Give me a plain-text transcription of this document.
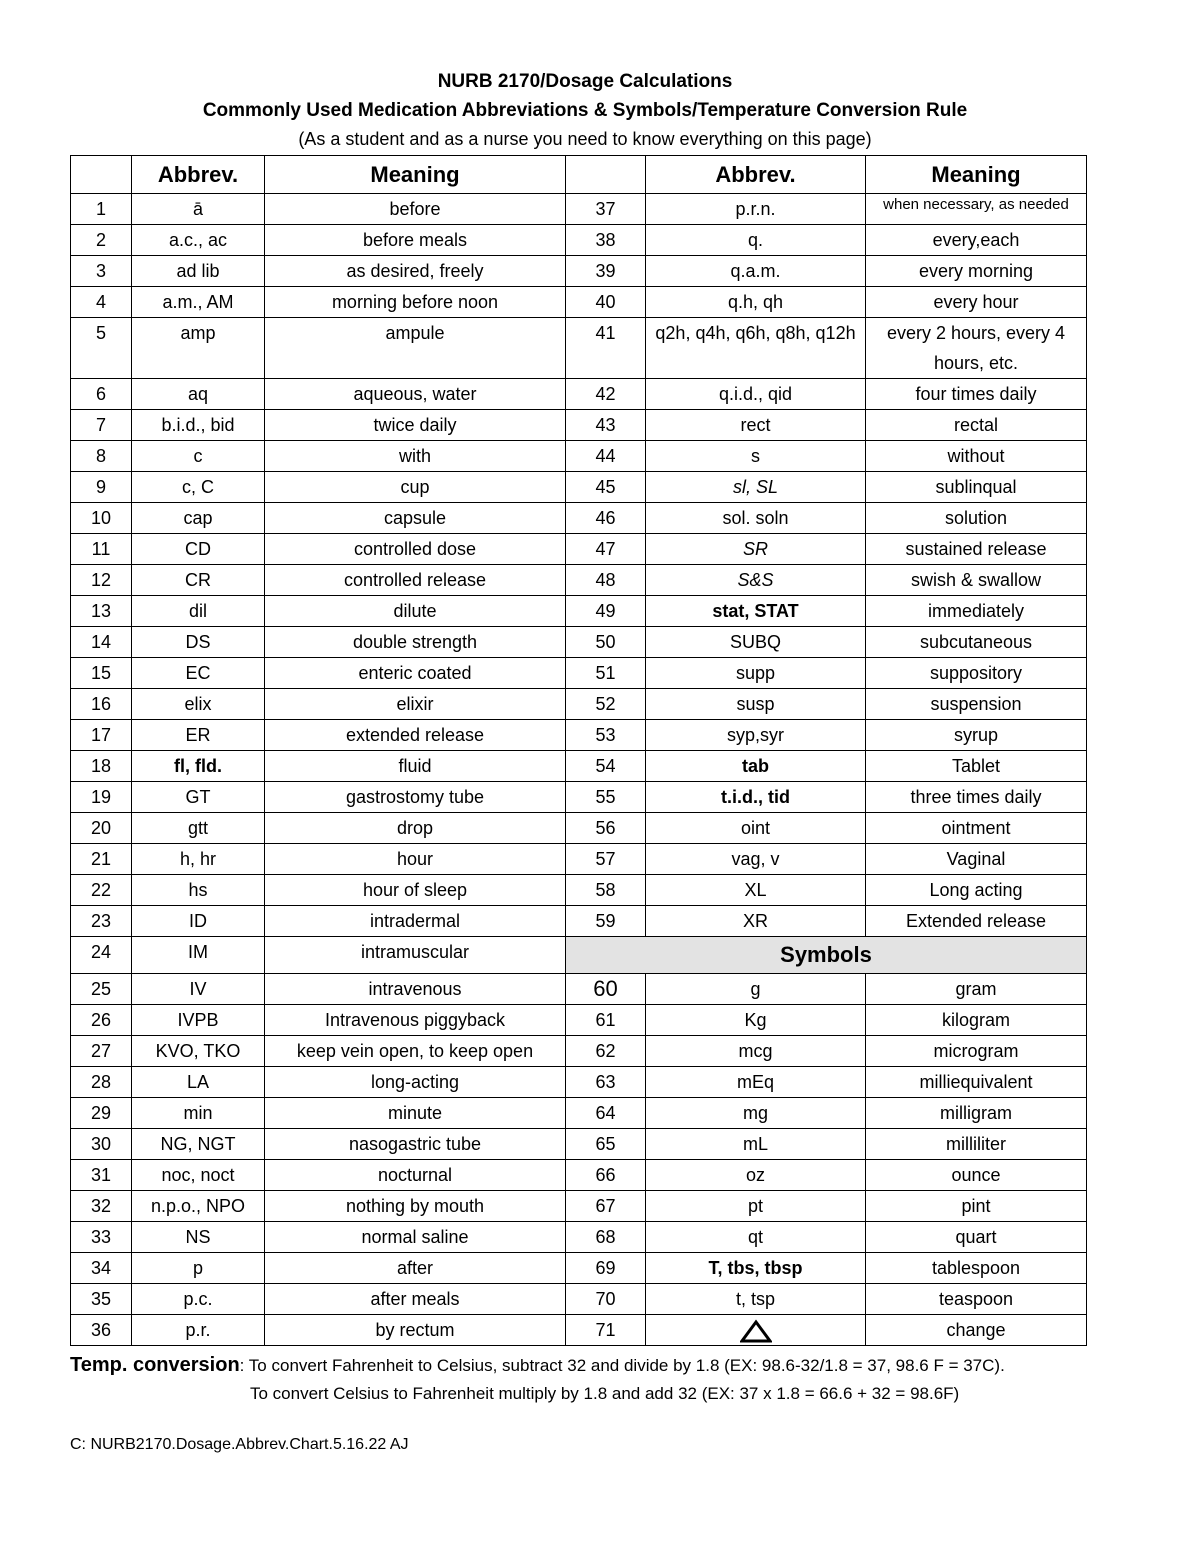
NURB 2170/Dosage Calculations
Commonly Used Medication Abbreviations & Symbols/Temperature Conversion Rule
(As a student and as a nurse you need to know everything on this page)
	Abbrev.	Meaning		Abbrev.	Meaning
1	ā	before	37	p.r.n.	when necessary, as needed
2	a.c., ac	before meals	38	q.	every,each
3	ad lib	as desired, freely	39	q.a.m.	every morning
4	a.m., AM	morning before noon	40	q.h, qh	every hour
5	amp	ampule	41	q2h, q4h, q6h, q8h, q12h	every 2 hours, every 4 hours, etc.
6	aq	aqueous, water	42	q.i.d., qid	four times daily
7	b.i.d., bid	twice daily	43	rect	rectal
8	c	with	44	s	without
9	c, C	cup	45	sl, SL	sublinqual
10	cap	capsule	46	sol. soln	solution
11	CD	controlled dose	47	SR	sustained release
12	CR	controlled release	48	S&S	swish & swallow
13	dil	dilute	49	stat, STAT	immediately
14	DS	double strength	50	SUBQ	subcutaneous
15	EC	enteric coated	51	supp	suppository
16	elix	elixir	52	susp	suspension
17	ER	extended release	53	syp,syr	syrup
18	fl, fld.	fluid	54	tab	Tablet
19	GT	gastrostomy tube	55	t.i.d., tid	three times daily
20	gtt	drop	56	oint	ointment
21	h, hr	hour	57	vag, v	Vaginal
22	hs	hour of sleep	58	XL	Long acting
23	ID	intradermal	59	XR	Extended release
24	IM	intramuscular	Symbols		
25	IV	intravenous	60	g	gram
26	IVPB	Intravenous piggyback	61	Kg	kilogram
27	KVO, TKO	keep vein open, to keep open	62	mcg	microgram
28	LA	long-acting	63	mEq	milliequivalent
29	min	minute	64	mg	milligram
30	NG, NGT	nasogastric tube	65	mL	milliliter
31	noc, noct	nocturnal	66	oz	ounce
32	n.p.o., NPO	nothing by mouth	67	pt	pint
33	NS	normal saline	68	qt	quart
34	p	after	69	T, tbs, tbsp	tablespoon
35	p.c.	after meals	70	t, tsp	teaspoon
36	p.r.	by rectum	71		change
Temp. conversion: To convert Fahrenheit to Celsius, subtract 32 and divide by 1.8 (EX: 98.6-32/1.8 = 37, 98.6 F = 37C).
To convert Celsius to Fahrenheit multiply by 1.8 and add 32 (EX: 37 x 1.8 = 66.6 + 32 = 98.6F)
C: NURB2170.Dosage.Abbrev.Chart.5.16.22 AJ
